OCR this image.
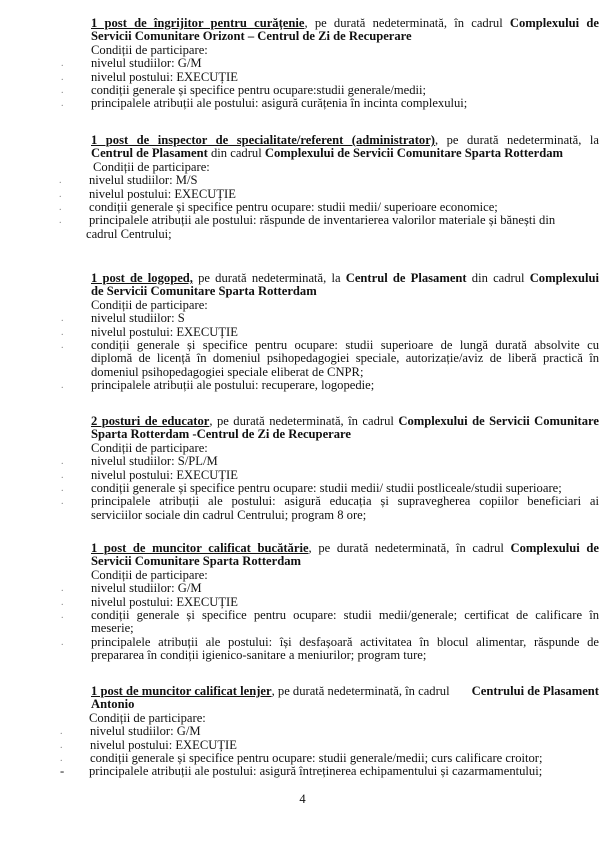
1 post de îngrijitor pentru curățenie, pe durată nedeterminată, în cadrul Complexului de
Servicii Comunitare Orizont – Centrul de Zi de Recuperare
Condiții de participare:
. nivelul studiilor: G/M
. nivelul postului: EXECUȚIE
. condiții generale și specifice pentru ocupare:studii generale/medii;
. principalele atribuții ale postului: asigură curățenia în incinta complexului;
1 post de inspector de specialitate/referent (administrator), pe durată nedeterminată, la
Centrul de Plasament din cadrul Complexului de Servicii Comunitare Sparta Rotterdam
Condiții de participare:
. nivelul studiilor: M/S
. nivelul postului: EXECUȚIE
. condiții generale și specifice pentru ocupare: studii medii/ superioare economice;
. principalele atribuții ale postului: răspunde de inventarierea valorilor materiale și bănești din
cadrul Centrului;
1 post de logoped, pe durată nedeterminată, la Centrul de Plasament din cadrul Complexului
de Servicii Comunitare Sparta Rotterdam
Condiții de participare:
. nivelul studiilor: S
. nivelul postului: EXECUȚIE
. condiții generale și specifice pentru ocupare: studii superioare de lungă durată absolvite cu
diplomă de licență în domeniul psihopedagogiei speciale, autorizație/aviz de liberă practică în
domeniul psihopedagogiei speciale eliberat de CNPR;
. principalele atribuții ale postului: recuperare, logopedie;
2 posturi de educator, pe durată nedeterminată, în cadrul Complexului de Servicii Comunitare
Sparta Rotterdam -Centrul de Zi de Recuperare
Condiții de participare:
. nivelul studiilor: S/PL/M
. nivelul postului: EXECUȚIE
. condiții generale și specifice pentru ocupare: studii medii/ studii postliceale/studii superioare;
. principalele atribuții ale postului: asigură educația și supravegherea copiilor beneficiari ai
serviciilor sociale din cadrul Centrului; program 8 ore;
1 post de muncitor calificat bucătărie, pe durată nedeterminată, în cadrul Complexului de
Servicii Comunitare Sparta Rotterdam
Condiții de participare:
. nivelul studiilor: G/M
. nivelul postului: EXECUȚIE
. condiții generale și specifice pentru ocupare: studii medii/generale; certificat de calificare în
meserie;
. principalele atribuții ale postului: își desfașoară activitatea în blocul alimentar, răspunde de
prepararea în condiții igienico-sanitare a meniurilor; program ture;
1 post de muncitor calificat lenjer, pe durată nedeterminată, în cadrul Centrului de Plasament
Antonio
Condiții de participare:
. nivelul studiilor: G/M
. nivelul postului: EXECUȚIE
. condiții generale și specifice pentru ocupare: studii generale/medii; curs calificare croitor;
- principalele atribuții ale postului: asigură întreținerea echipamentului și cazarmamentului;
4
